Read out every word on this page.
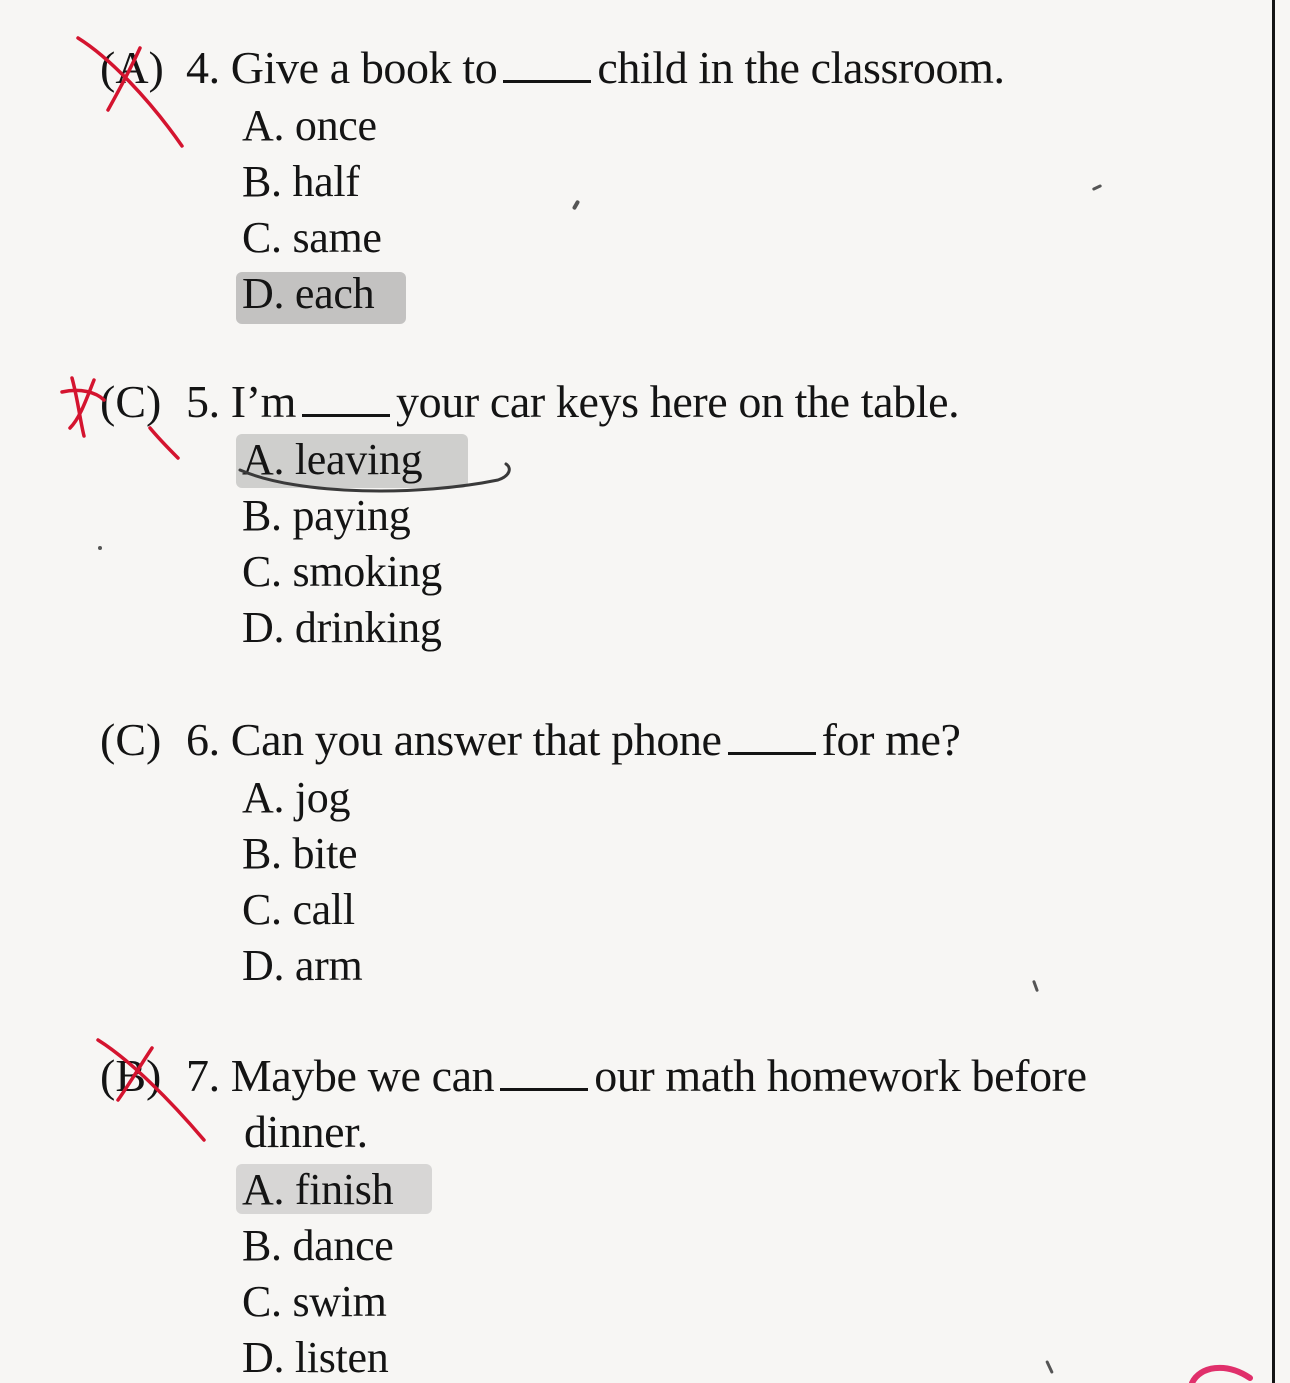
(A) 4. Give a book to child in the classroom.
A. once
B. half
C. same
D. each
(C) 5. I’m your car keys here on the table.
A. leaving
B. paying
C. smoking
D. drinking
(C) 6. Can you answer that phone for me?
A. jog
B. bite
C. call
D. arm
(B) 7. Maybe we can our math homework before
dinner.
A. finish
B. dance
C. swim
D. listen
